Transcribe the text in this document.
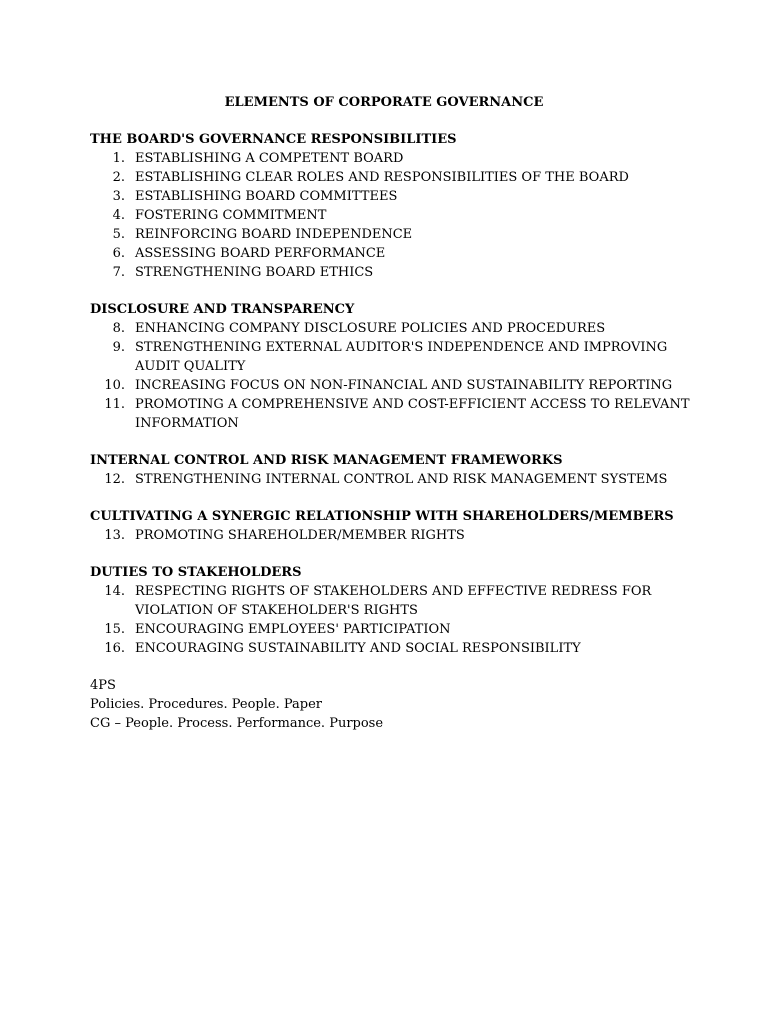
ELEMENTS OF CORPORATE GOVERNANCE
THE BOARD'S GOVERNANCE RESPONSIBILITIES
1. ESTABLISHING A COMPETENT BOARD
2. ESTABLISHING CLEAR ROLES AND RESPONSIBILITIES OF THE BOARD
3. ESTABLISHING BOARD COMMITTEES
4. FOSTERING COMMITMENT
5. REINFORCING BOARD INDEPENDENCE
6. ASSESSING BOARD PERFORMANCE
7. STRENGTHENING BOARD ETHICS
DISCLOSURE AND TRANSPARENCY
8. ENHANCING COMPANY DISCLOSURE POLICIES AND PROCEDURES
9. STRENGTHENING EXTERNAL AUDITOR'S INDEPENDENCE AND IMPROVING AUDIT QUALITY
10. INCREASING FOCUS ON NON-FINANCIAL AND SUSTAINABILITY REPORTING
11. PROMOTING A COMPREHENSIVE AND COST-EFFICIENT ACCESS TO RELEVANT INFORMATION
INTERNAL CONTROL AND RISK MANAGEMENT FRAMEWORKS
12. STRENGTHENING INTERNAL CONTROL AND RISK MANAGEMENT SYSTEMS
CULTIVATING A SYNERGIC RELATIONSHIP WITH SHAREHOLDERS/MEMBERS
13. PROMOTING SHAREHOLDER/MEMBER RIGHTS
DUTIES TO STAKEHOLDERS
14. RESPECTING RIGHTS OF STAKEHOLDERS AND EFFECTIVE REDRESS FOR VIOLATION OF STAKEHOLDER'S RIGHTS
15. ENCOURAGING EMPLOYEES' PARTICIPATION
16. ENCOURAGING SUSTAINABILITY AND SOCIAL RESPONSIBILITY
4PS
Policies. Procedures. People. Paper
CG – People. Process. Performance. Purpose
